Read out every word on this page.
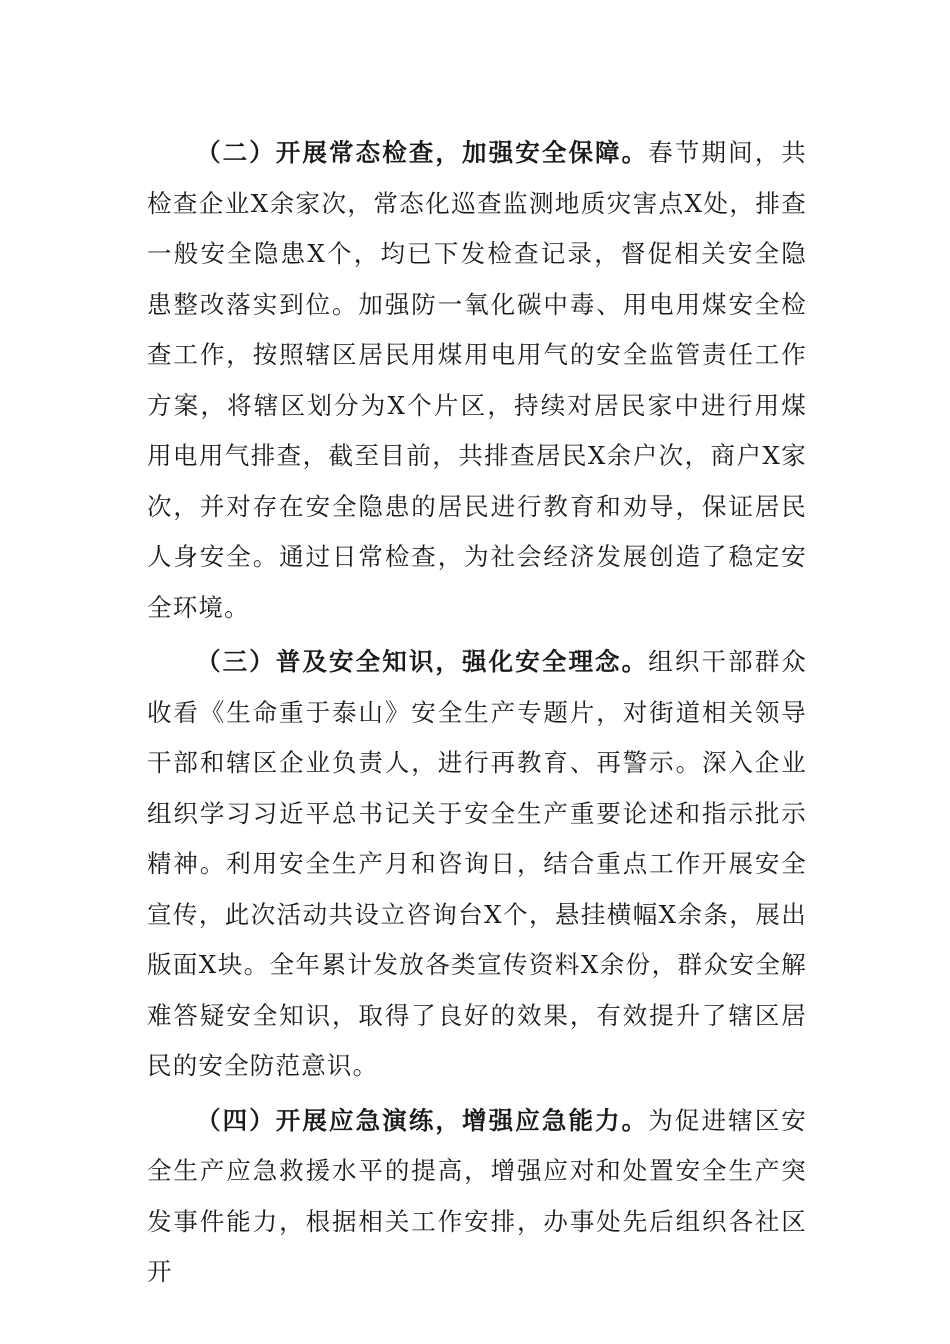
（二）开展常态检查，加强安全保障。春节期间，共检查企业X余家次，常态化巡查监测地质灾害点X处，排查一般安全隐患X个，均已下发检查记录，督促相关安全隐患整改落实到位。加强防一氧化碳中毒、用电用煤安全检查工作，按照辖区居民用煤用电用气的安全监管责任工作方案，将辖区划分为X个片区，持续对居民家中进行用煤用电用气排查，截至目前，共排查居民X余户次，商户X家次，并对存在安全隐患的居民进行教育和劝导，保证居民人身安全。通过日常检查，为社会经济发展创造了稳定安全环境。

（三）普及安全知识，强化安全理念。组织干部群众收看《生命重于泰山》安全生产专题片，对街道相关领导干部和辖区企业负责人，进行再教育、再警示。深入企业组织学习习近平总书记关于安全生产重要论述和指示批示精神。利用安全生产月和咨询日，结合重点工作开展安全宣传，此次活动共设立咨询台X个，悬挂横幅X余条，展出版面X块。全年累计发放各类宣传资料X余份，群众安全解难答疑安全知识，取得了良好的效果，有效提升了辖区居民的安全防范意识。

（四）开展应急演练，增强应急能力。为促进辖区安全生产应急救援水平的提高，增强应对和处置安全生产突发事件能力，根据相关工作安排，办事处先后组织各社区开
